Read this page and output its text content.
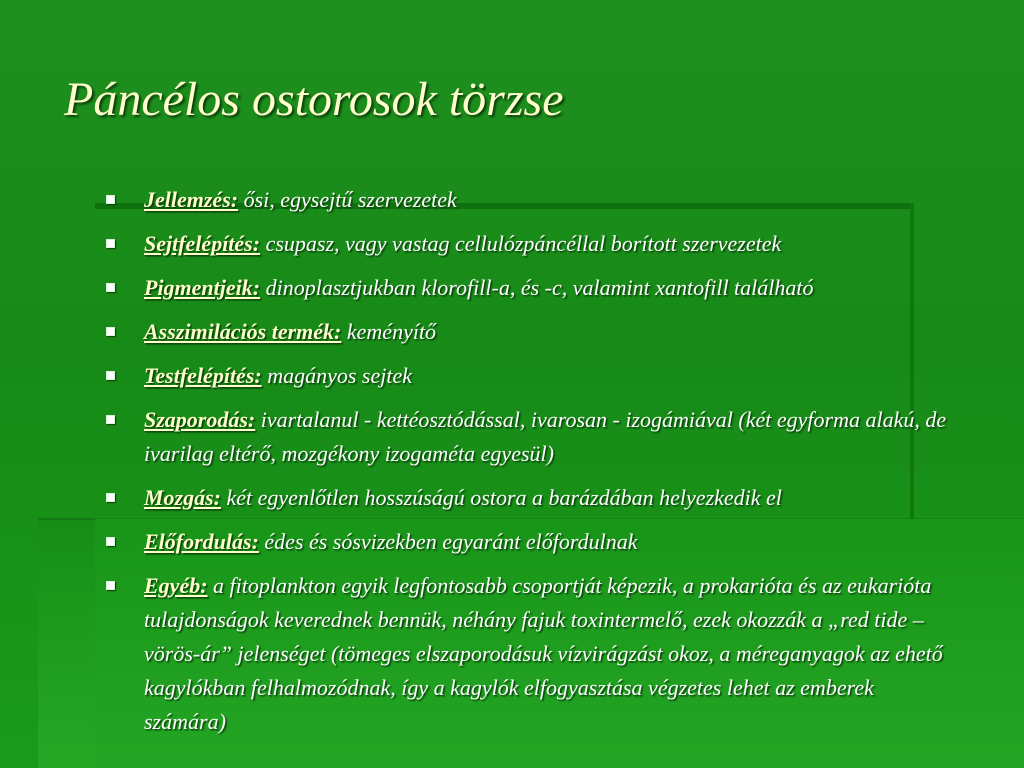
Páncélos ostorosok törzse
Jellemzés: ősi, egysejtű szervezetek
Sejtfelépítés: csupasz, vagy vastag cellulózpáncéllal borított szervezetek
Pigmentjeik: dinoplasztjukban klorofill-a, és -c, valamint xantofill található
Asszimilációs termék: keményítő
Testfelépítés: magányos sejtek
Szaporodás: ivartalanul - kettéosztódással, ivarosan - izogámiával (két egyforma alakú, de ivarilag eltérő, mozgékony izogaméta egyesül)
Mozgás: két egyenlőtlen hosszúságú ostora a barázdában helyezkedik el
Előfordulás: édes és sósvizekben egyaránt előfordulnak
Egyéb: a fitoplankton egyik legfontosabb csoportját képezik, a prokarióta és az eukarióta tulajdonságok keverednek bennük, néhány fajuk toxintermelő, ezek okozzák a „red tide – vörös-ár” jelenséget (tömeges elszaporodásuk vízvirágzást okoz, a méreganyagok az ehető kagylókban felhalmozódnak, így a kagylók elfogyasztása végzetes lehet az emberek számára)
